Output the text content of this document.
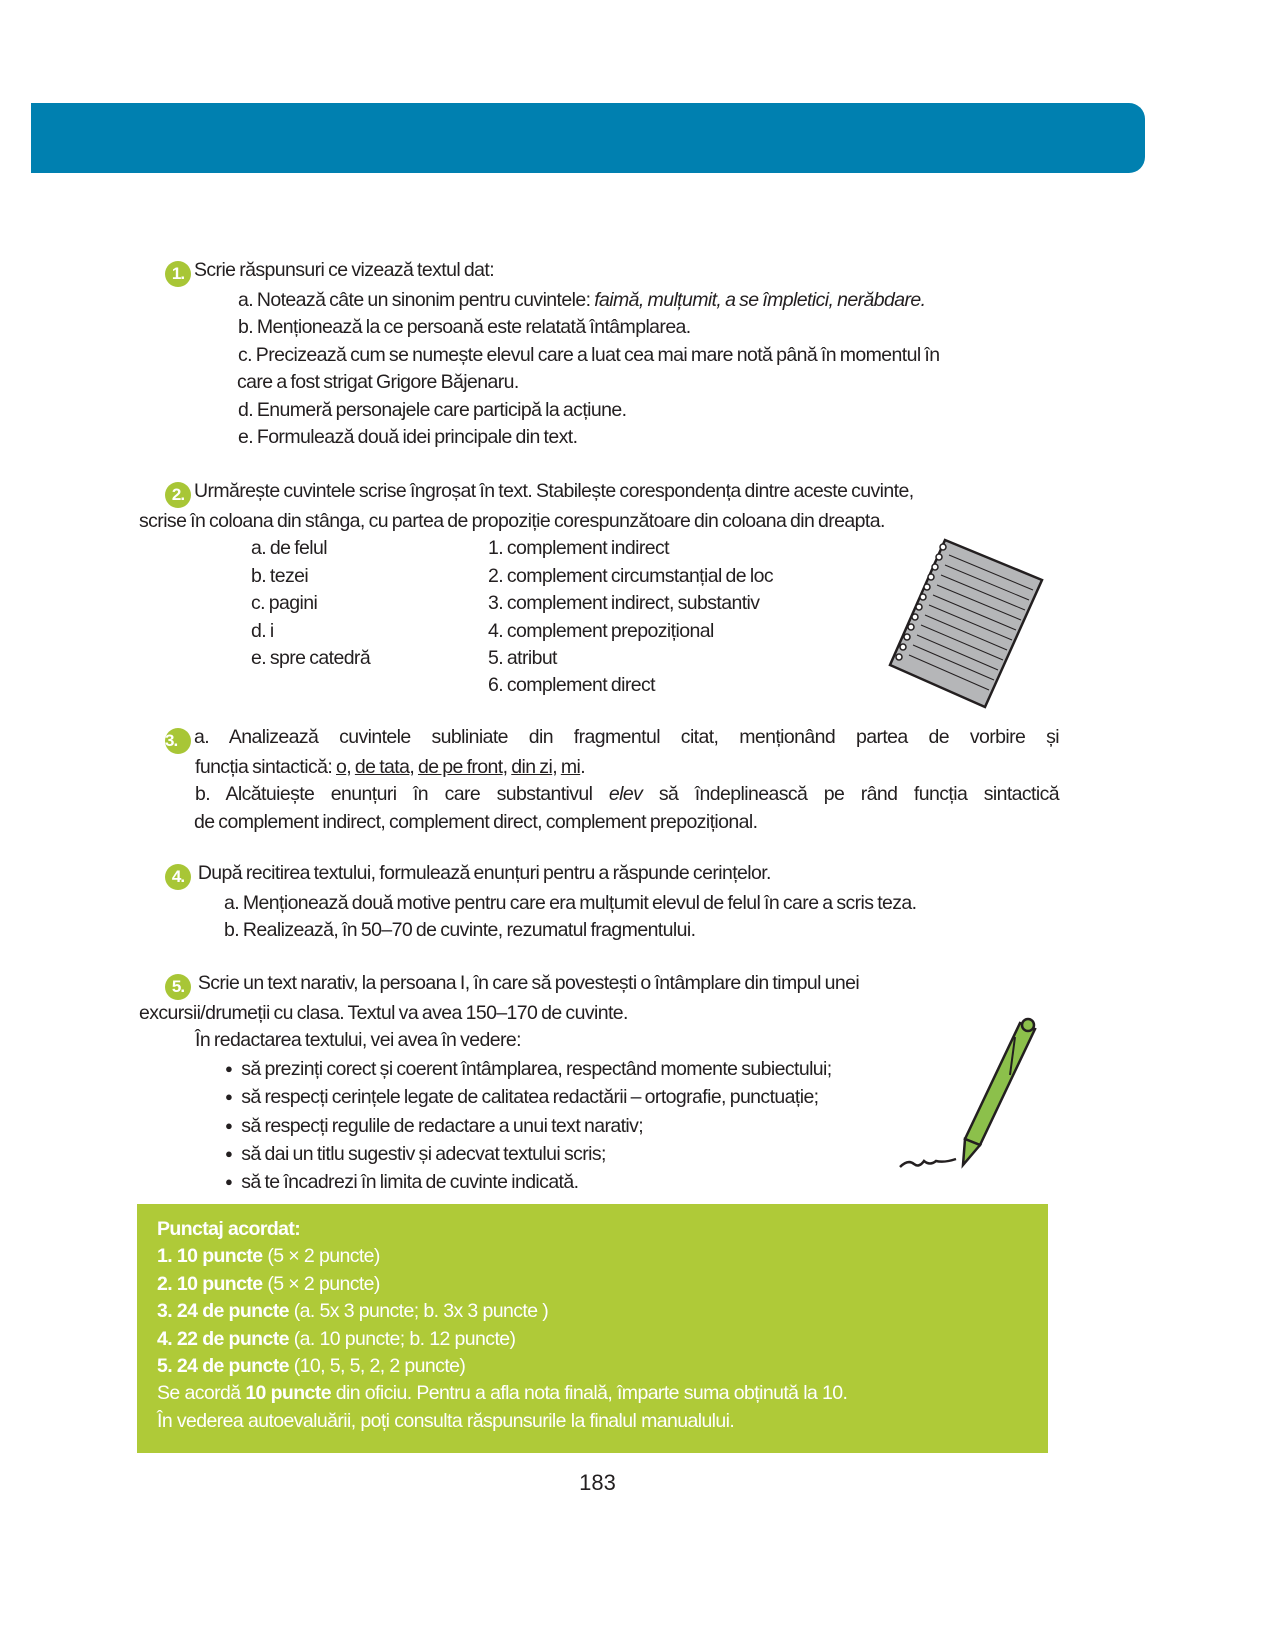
1. Scrie răspunsuri ce vizează textul dat:
a. Notează câte un sinonim pentru cuvintele: faimă, mulțumit, a se împletici, nerăbdare.
b. Menționează la ce persoană este relatată întâmplarea.
c. Precizează cum se numește elevul care a luat cea mai mare notă până în momentul în
care a fost strigat Grigore Băjenaru.
d. Enumeră personajele care participă la acțiune.
e. Formulează două idei principale din text.
2. Urmărește cuvintele scrise îngroșat în text. Stabilește corespondența dintre aceste cuvinte,
scrise în coloana din stânga, cu partea de propoziție corespunzătoare din coloana din dreapta.
a. de felul
b. tezei
c. pagini
d. i
e. spre catedră
1. complement indirect
2. complement circumstanțial de loc
3. complement indirect, substantiv
4. complement prepozițional
5. atribut
6. complement direct
3. a. Analizează cuvintele subliniate din fragmentul citat, menționând partea de vorbire și
funcția sintactică: o, de tata, de pe front, din zi, mi.
b. Alcătuiește enunțuri în care substantivul elev să îndeplinească pe rând funcția sintactică
de complement indirect, complement direct, complement prepozițional.
4. După recitirea textului, formulează enunțuri pentru a răspunde cerințelor.
a. Menționează două motive pentru care era mulțumit elevul de felul în care a scris teza.
b. Realizează, în 50–70 de cuvinte, rezumatul fragmentului.
5. Scrie un text narativ, la persoana I, în care să povestești o întâmplare din timpul unei
excursii/drumeții cu clasa. Textul va avea 150–170 de cuvinte.
În redactarea textului, vei avea în vedere:
● să prezinți corect și coerent întâmplarea, respectând momente subiectului;
● să respecți cerințele legate de calitatea redactării – ortografie, punctuație;
● să respecți regulile de redactare a unui text narativ;
● să dai un titlu sugestiv și adecvat textului scris;
● să te încadrezi în limita de cuvinte indicată.
Punctaj acordat:
1. 10 puncte (5 × 2 puncte)
2. 10 puncte (5 × 2 puncte)
3. 24 de puncte (a. 5x 3 puncte; b. 3x 3 puncte )
4. 22 de puncte (a. 10 puncte; b. 12 puncte)
5. 24 de puncte (10, 5, 5, 2, 2 puncte)
Se acordă 10 puncte din oficiu. Pentru a afla nota finală, împarte suma obținută la 10.
În vederea autoevaluării, poți consulta răspunsurile la finalul manualului.
183
